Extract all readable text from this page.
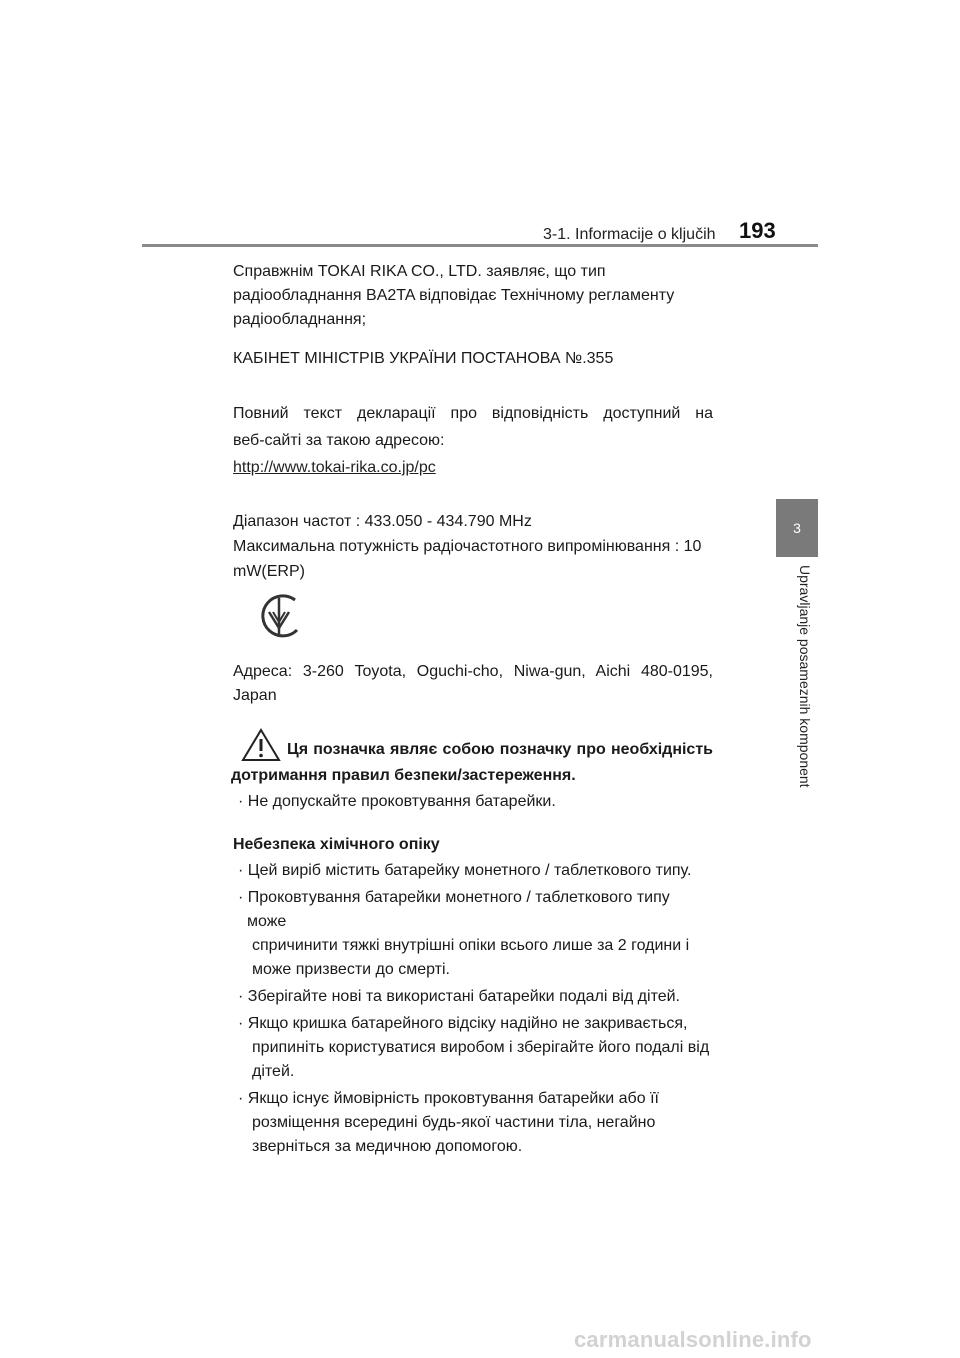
3-1. Informacije o ključih 193
3
Upravljanje posameznih komponent

Справжнім TOKAI RIKA CO., LTD. заявляє, що тип

радіообладнання BA2TA відповідає Технічному регламенту

радіообладнання;

КАБІНЕТ МІНІСТРІВ УКРАЇНИ ПОСТАНОВА №.355

Повний текст декларації про відповідність доступний на

веб-сайті за такою адресою:

http://www.tokai-rika.co.jp/pc

Діапазон частот : 433.050 - 434.790 MHz

Максимальна потужність радіочастотного випромінювання : 10

mW(ERP)

Адреса: 3-260 Toyota, Oguchi-cho, Niwa-gun, Aichi 480-0195,

Japan

Ця позначка являє собою позначку про необхідність

дотримання правил безпеки/застереження.

· Не допускайте проковтування батарейки.

Небезпека хімічного опіку

· Цей виріб містить батарейку монетного / таблеткового типу.
· Проковтування батарейки монетного / таблеткового типу може
спричинити тяжкі внутрішні опіки всього лише за 2 години і
може призвести до смерті.
· Зберігайте нові та використані батарейки подалі від дітей.
· Якщо кришка батарейного відсіку надійно не закривається,
припиніть користуватися виробом і зберігайте його подалі від
дітей.
· Якщо існує ймовірність проковтування батарейки або її
розміщення всередині будь-якої частини тіла, негайно
зверніться за медичною допомогою.
carmanualsonline.info
